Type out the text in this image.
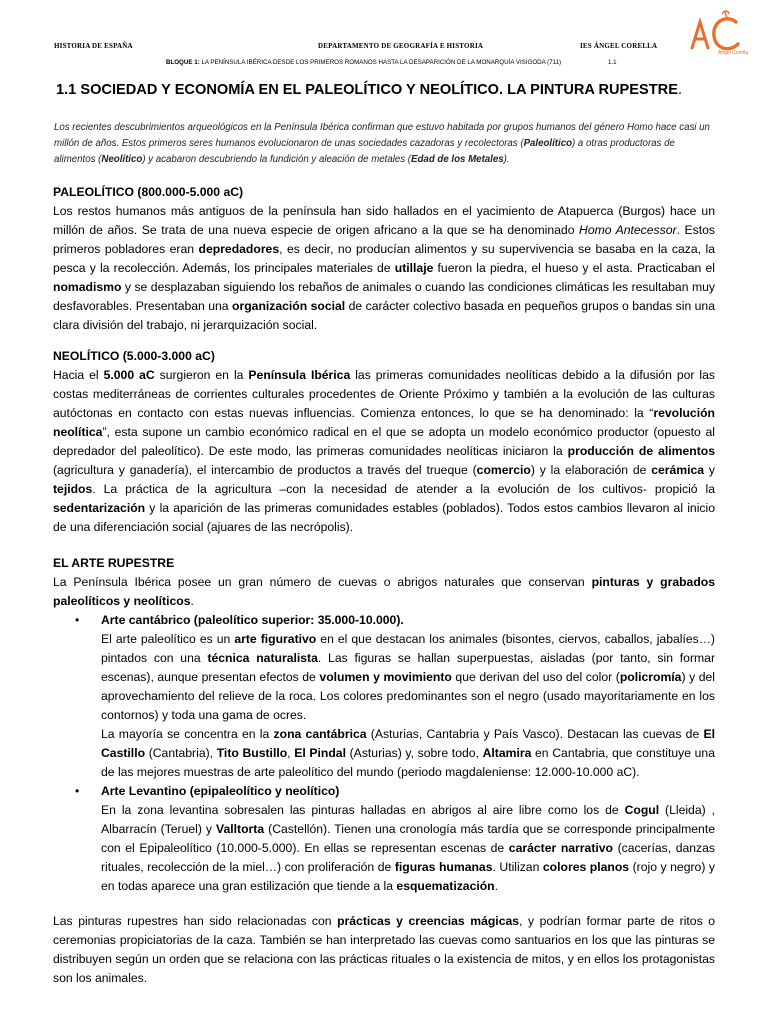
HISTORIA DE ESPAÑA	DEPARTAMENTO DE GEOGRAFÍA E HISTORIA	IES ÁNGEL CORELLA
BLOQUE 1: LA PENÍNSULA IBÉRICA DESDE LOS PRIMEROS ROMANOS HASTA LA DESAPARICIÓN DE LA MONARQUÍA VISIGODA (711)	1.1
Ángel Corella
1.1 SOCIEDAD Y ECONOMÍA EN EL PALEOLÍTICO Y NEOLÍTICO. LA PINTURA RUPESTRE.
Los recientes descubrimientos arqueológicos en la Península Ibérica confirman que estuvo habitada por grupos humanos del género Homo hace casi un millón de años. Estos primeros seres humanos evolucionaron de unas sociedades cazadoras y recolectoras (Paleolítico) a otras productoras de alimentos (Neolítico) y acabaron descubriendo la fundición y aleación de metales (Edad de los Metales).

PALEOLÍTICO (800.000-5.000 aC)

Los restos humanos más antiguos de la península han sido hallados en el yacimiento de Atapuerca (Burgos) hace un millón de años. Se trata de una nueva especie de origen africano a la que se ha denominado Homo Antecessor. Estos primeros pobladores eran depredadores, es decir, no producían alimentos y su supervivencia se basaba en la caza, la pesca y la recolección. Además, los principales materiales de utillaje fueron la piedra, el hueso y el asta. Practicaban el nomadismo y se desplazaban siguiendo los rebaños de animales o cuando las condiciones climáticas les resultaban muy desfavorables. Presentaban una organización social de carácter colectivo basada en pequeños grupos o bandas sin una clara división del trabajo, ni jerarquización social.

NEOLÍTICO (5.000-3.000 aC)

Hacia el 5.000 aC surgieron en la Península Ibérica las primeras comunidades neolíticas debido a la difusión por las costas mediterráneas de corrientes culturales procedentes de Oriente Próximo y también a la evolución de las culturas autóctonas en contacto con estas nuevas influencias. Comienza entonces, lo que se ha denominado: la “revolución neolítica”, esta supone un cambio económico radical en el que se adopta un modelo económico productor (opuesto al depredador del paleolítico). De este modo, las primeras comunidades neolíticas iniciaron la producción de alimentos (agricultura y ganadería), el intercambio de productos a través del trueque (comercio) y la elaboración de cerámica y tejidos. La práctica de la agricultura –con la necesidad de atender a la evolución de los cultivos- propició la sedentarización y la aparición de las primeras comunidades estables (poblados). Todos estos cambios llevaron al inicio de una diferenciación social (ajuares de las necrópolis).

EL ARTE RUPESTRE

La Península Ibérica posee un gran número de cuevas o abrigos naturales que conservan pinturas y grabados paleolíticos y neolíticos.

• Arte cantábrico (paleolítico superior: 35.000-10.000).

El arte paleolítico es un arte figurativo en el que destacan los animales (bisontes, ciervos, caballos, jabalíes…) pintados con una técnica naturalista. Las figuras se hallan superpuestas, aisladas (por tanto, sin formar escenas), aunque presentan efectos de volumen y movimiento que derivan del uso del color (policromía) y del aprovechamiento del relieve de la roca. Los colores predominantes son el negro (usado mayoritariamente en los contornos) y toda una gama de ocres.

La mayoría se concentra en la zona cantábrica (Asturias, Cantabria y País Vasco). Destacan las cuevas de El Castillo (Cantabria), Tito Bustillo, El Pindal (Asturias) y, sobre todo, Altamira en Cantabria, que constituye una de las mejores muestras de arte paleolítico del mundo (periodo magdaleniense: 12.000-10.000 aC).

• Arte Levantino (epipaleolítico y neolítico)

En la zona levantina sobresalen las pinturas halladas en abrigos al aire libre como los de Cogul (Lleida) , Albarracín (Teruel) y Valltorta (Castellón). Tienen una cronología más tardía que se corresponde principalmente con el Epipaleolítico (10.000-5.000). En ellas se representan escenas de carácter narrativo (cacerías, danzas rituales, recolección de la miel…) con proliferación de figuras humanas. Utilizan colores planos (rojo y negro) y en todas aparece una gran estilización que tiende a la esquematización.

Las pinturas rupestres han sido relacionadas con prácticas y creencias mágicas, y podrían formar parte de ritos o ceremonias propiciatorias de la caza. También se han interpretado las cuevas como santuarios en los que las pinturas se distribuyen según un orden que se relaciona con las prácticas rituales o la existencia de mitos, y en ellos los protagonistas son los animales.
